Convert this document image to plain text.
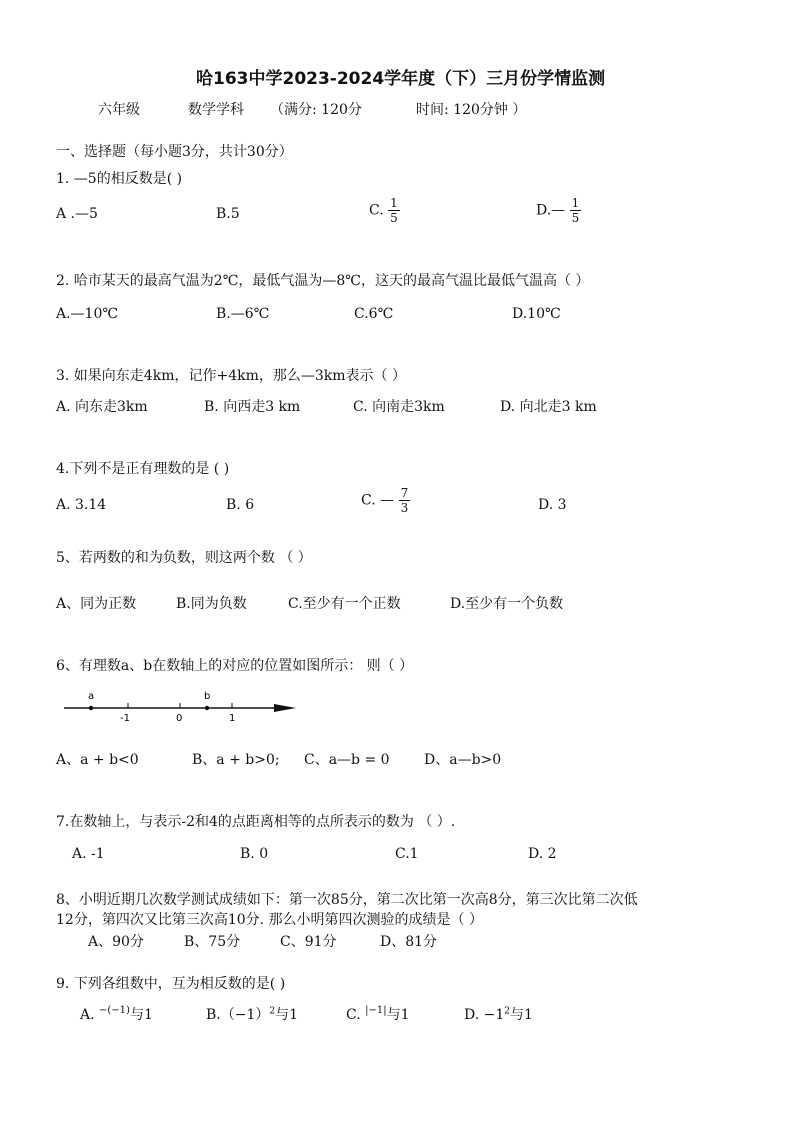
哈163中学2023-2024学年度（下）三月份学情监测
六年级	数学学科 （满分: 120分	时间: 120分钟 ）
一、选择题（每小题3分，共计30分）
1. —5的相反数是( )
A .—5	B.5	C. $\frac{1}{5}$	D.— $\frac{1}{5}$
2. 哈市某天的最高气温为2℃，最低气温为—8℃，这天的最高气温比最低气温高（ ）
A.—10℃	B.—6℃	C.6℃	D.10℃
3. 如果向东走4km，记作+4km，那么—3km表示（ ）
A. 向东走3km	B. 向西走3 km	C. 向南走3km	D. 向北走3 km
4.下列不是正有理数的是 ( )
A. 3.14	B. 6	C. — $\frac{7}{3}$	D. 3
5、若两数的和为负数，则这两个数 （ ）
A、同为正数	B.同为负数	C.至少有一个正数	D.至少有一个负数
6、有理数a、b在数轴上的对应的位置如图所示： 则（ ）
a	b
-1	0	1
A、a + b<0	B、a + b>0; C、a—b = 0 D、a—b>0
7.在数轴上，与表示-2和4的点距离相等的点所表示的数为 （ ）.
A. -1	B. 0	C.1	D. 2
8、小明近期几次数学测试成绩如下：第一次85分，第二次比第一次高8分，第三次比第二次低
12分，第四次又比第三次高10分. 那么小明第四次测验的成绩是（ ）
A、90分	B、75分	C、91分	D、81分
9. 下列各组数中，互为相反数的是( )
A. $^{-(-1)}$与1	$B.(-1)^2$与1	C. $^{|-1|}$与1	D. $-1^2$与1
